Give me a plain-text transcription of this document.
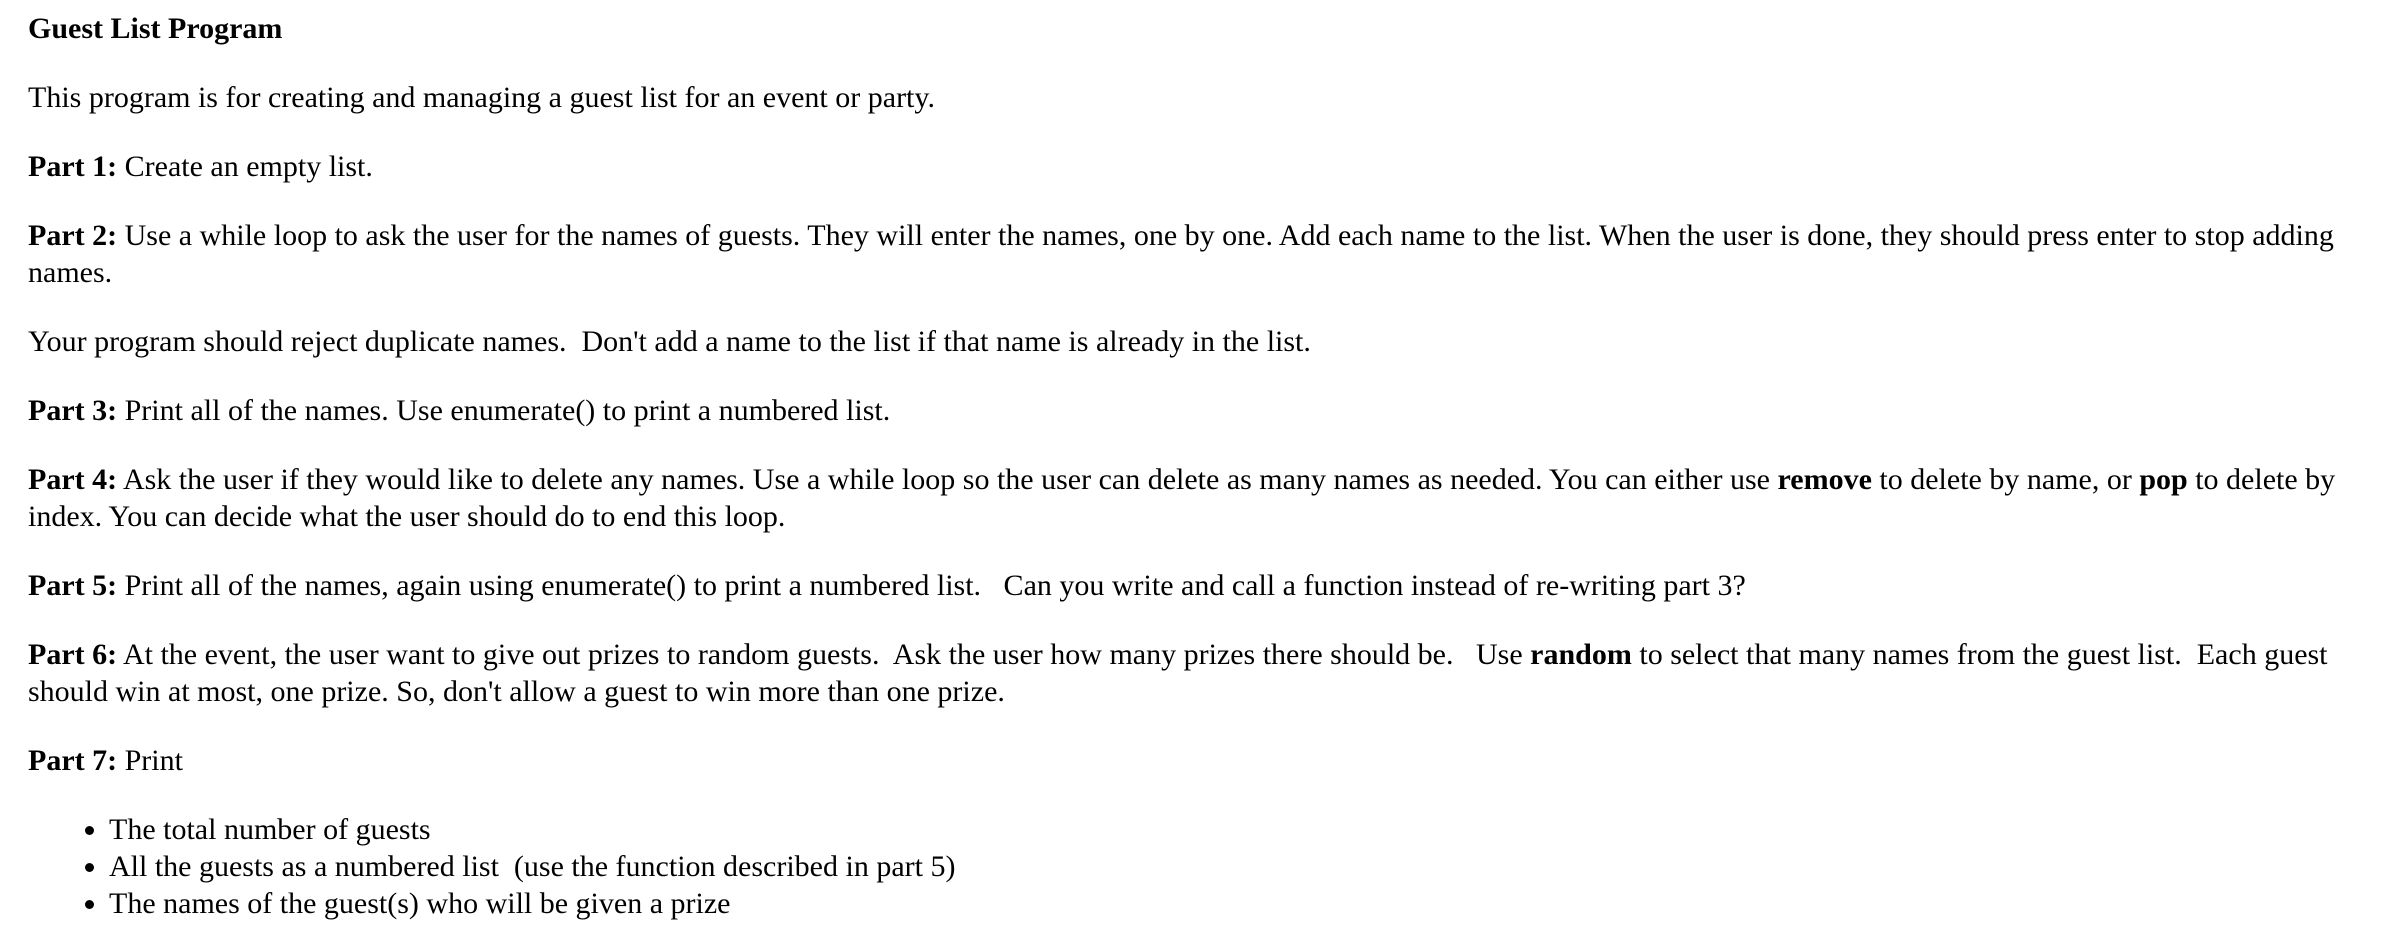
Guest List Program

This program is for creating and managing a guest list for an event or party.

Part 1: Create an empty list.

Part 2: Use a while loop to ask the user for the names of guests. They will enter the names, one by one. Add each name to the list. When the user is done, they should press enter to stop adding names.

Your program should reject duplicate names.  Don't add a name to the list if that name is already in the list.

Part 3: Print all of the names. Use enumerate() to print a numbered list.

Part 4: Ask the user if they would like to delete any names. Use a while loop so the user can delete as many names as needed. You can either use remove to delete by name, or pop to delete by index. You can decide what the user should do to end this loop.

Part 5: Print all of the names, again using enumerate() to print a numbered list.   Can you write and call a function instead of re-writing part 3?

Part 6: At the event, the user want to give out prizes to random guests.  Ask the user how many prizes there should be.   Use random to select that many names from the guest list.  Each guest should win at most, one prize. So, don't allow a guest to win more than one prize.

Part 7: Print

• The total number of guests
• All the guests as a numbered list  (use the function described in part 5)
• The names of the guest(s) who will be given a prize
